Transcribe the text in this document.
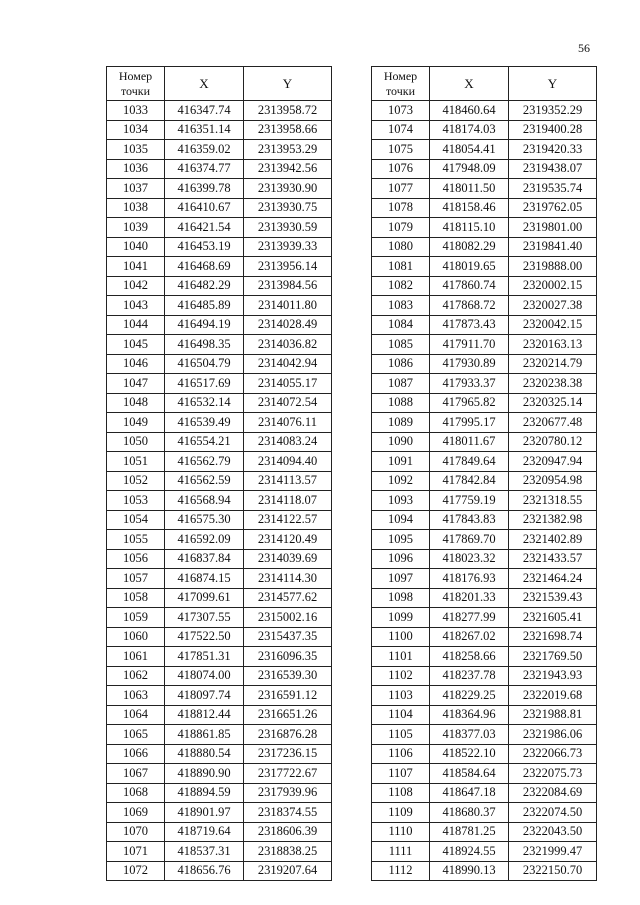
56
Номер
точки	X	Y
1033	416347.74	2313958.72
1034	416351.14	2313958.66
1035	416359.02	2313953.29
1036	416374.77	2313942.56
1037	416399.78	2313930.90
1038	416410.67	2313930.75
1039	416421.54	2313930.59
1040	416453.19	2313939.33
1041	416468.69	2313956.14
1042	416482.29	2313984.56
1043	416485.89	2314011.80
1044	416494.19	2314028.49
1045	416498.35	2314036.82
1046	416504.79	2314042.94
1047	416517.69	2314055.17
1048	416532.14	2314072.54
1049	416539.49	2314076.11
1050	416554.21	2314083.24
1051	416562.79	2314094.40
1052	416562.59	2314113.57
1053	416568.94	2314118.07
1054	416575.30	2314122.57
1055	416592.09	2314120.49
1056	416837.84	2314039.69
1057	416874.15	2314114.30
1058	417099.61	2314577.62
1059	417307.55	2315002.16
1060	417522.50	2315437.35
1061	417851.31	2316096.35
1062	418074.00	2316539.30
1063	418097.74	2316591.12
1064	418812.44	2316651.26
1065	418861.85	2316876.28
1066	418880.54	2317236.15
1067	418890.90	2317722.67
1068	418894.59	2317939.96
1069	418901.97	2318374.55
1070	418719.64	2318606.39
1071	418537.31	2318838.25
1072	418656.76	2319207.64
Номер
точки	X	Y
1073	418460.64	2319352.29
1074	418174.03	2319400.28
1075	418054.41	2319420.33
1076	417948.09	2319438.07
1077	418011.50	2319535.74
1078	418158.46	2319762.05
1079	418115.10	2319801.00
1080	418082.29	2319841.40
1081	418019.65	2319888.00
1082	417860.74	2320002.15
1083	417868.72	2320027.38
1084	417873.43	2320042.15
1085	417911.70	2320163.13
1086	417930.89	2320214.79
1087	417933.37	2320238.38
1088	417965.82	2320325.14
1089	417995.17	2320677.48
1090	418011.67	2320780.12
1091	417849.64	2320947.94
1092	417842.84	2320954.98
1093	417759.19	2321318.55
1094	417843.83	2321382.98
1095	417869.70	2321402.89
1096	418023.32	2321433.57
1097	418176.93	2321464.24
1098	418201.33	2321539.43
1099	418277.99	2321605.41
1100	418267.02	2321698.74
1101	418258.66	2321769.50
1102	418237.78	2321943.93
1103	418229.25	2322019.68
1104	418364.96	2321988.81
1105	418377.03	2321986.06
1106	418522.10	2322066.73
1107	418584.64	2322075.73
1108	418647.18	2322084.69
1109	418680.37	2322074.50
1110	418781.25	2322043.50
1111	418924.55	2321999.47
1112	418990.13	2322150.70
